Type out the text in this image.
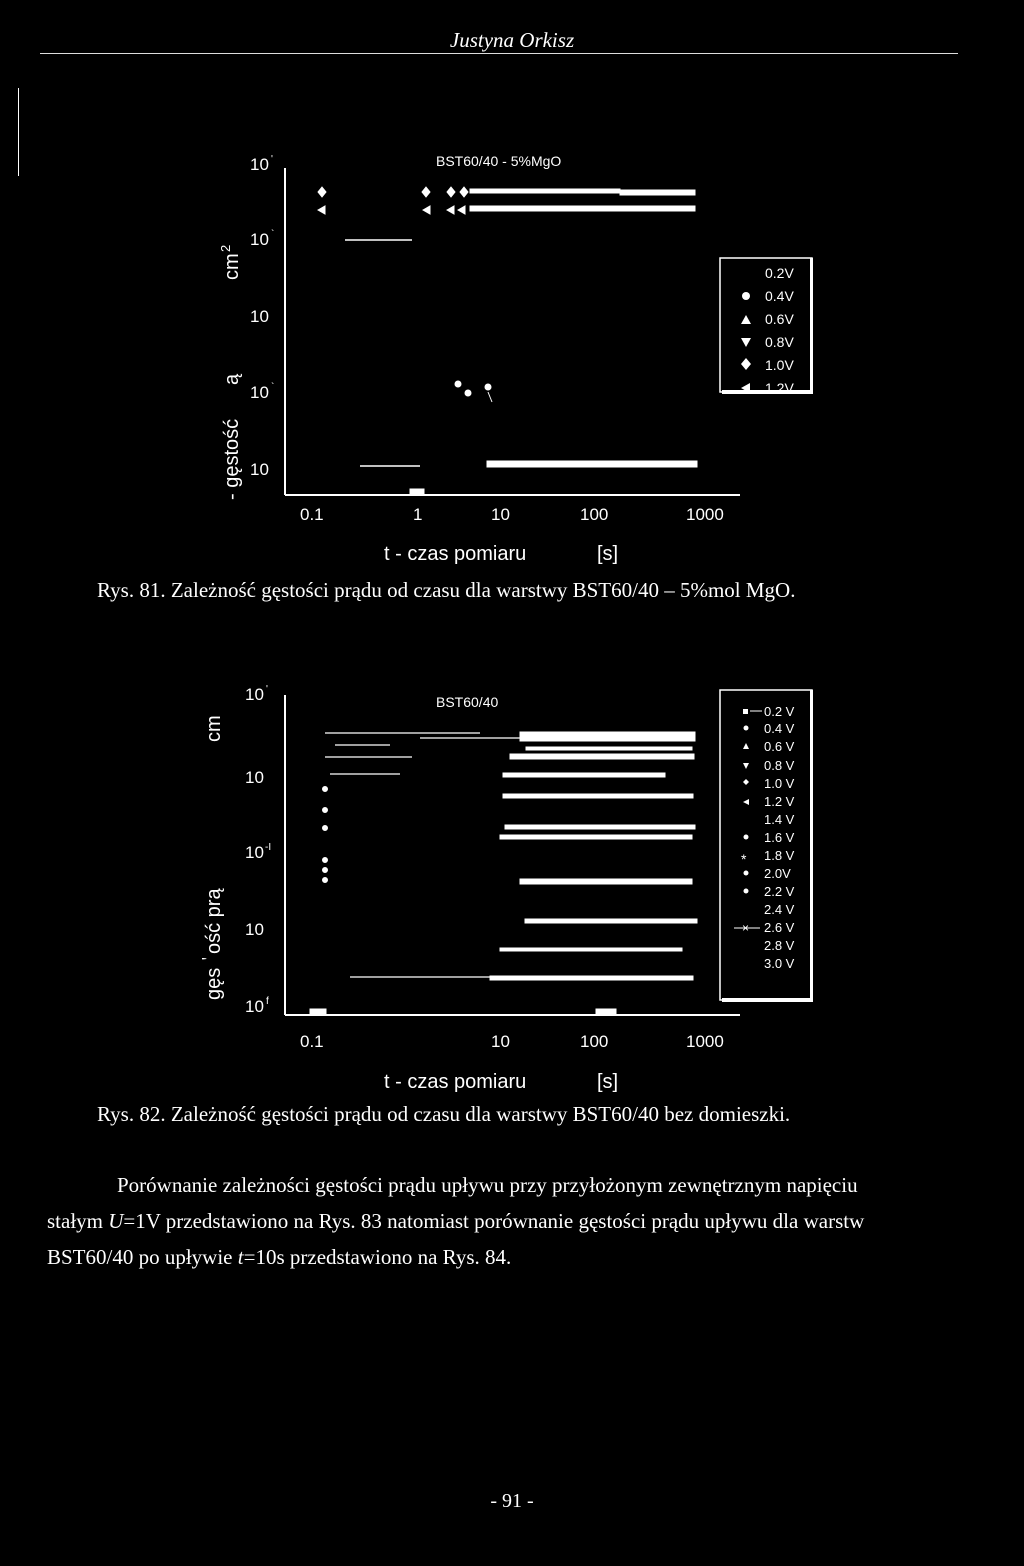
Justyna Orkisz
- gęstość
ą
cm
2
10 '
10 `
10
10 `
10
BST60/40 - 5%MgO
0.1	1	10	100	1000
t - czas pomiaru	[s]
0.2V
0.4V
0.6V
0.8V
1.0V
1.2V
Rys. 81. Zależność gęstości prądu od czasu dla warstwy BST60/40 – 5%mol MgO.
gęs
ꞌ
ość prą
cm
10 '
10
10 -I
10
10 f
BST60/40
0.1	10	100	1000
t - czas pomiaru	[s]
0.2 V
0.4 V
0.6 V
0.8 V
1.0 V
1.2 V
1.4 V
1.6 V
* 1.8 V
2.0V
2.2 V
2.4 V
× 2.6 V
2.8 V
3.0 V
Rys. 82. Zależność gęstości prądu od czasu dla warstwy BST60/40 bez domieszki.

Porównanie zależności gęstości prądu upływu przy przyłożonym zewnętrznym napięciu

stałym U=1V przedstawiono na Rys. 83 natomiast porównanie gęstości prądu upływu dla warstw

BST60/40 po upływie t=10s przedstawiono na Rys. 84.

- 91 -
